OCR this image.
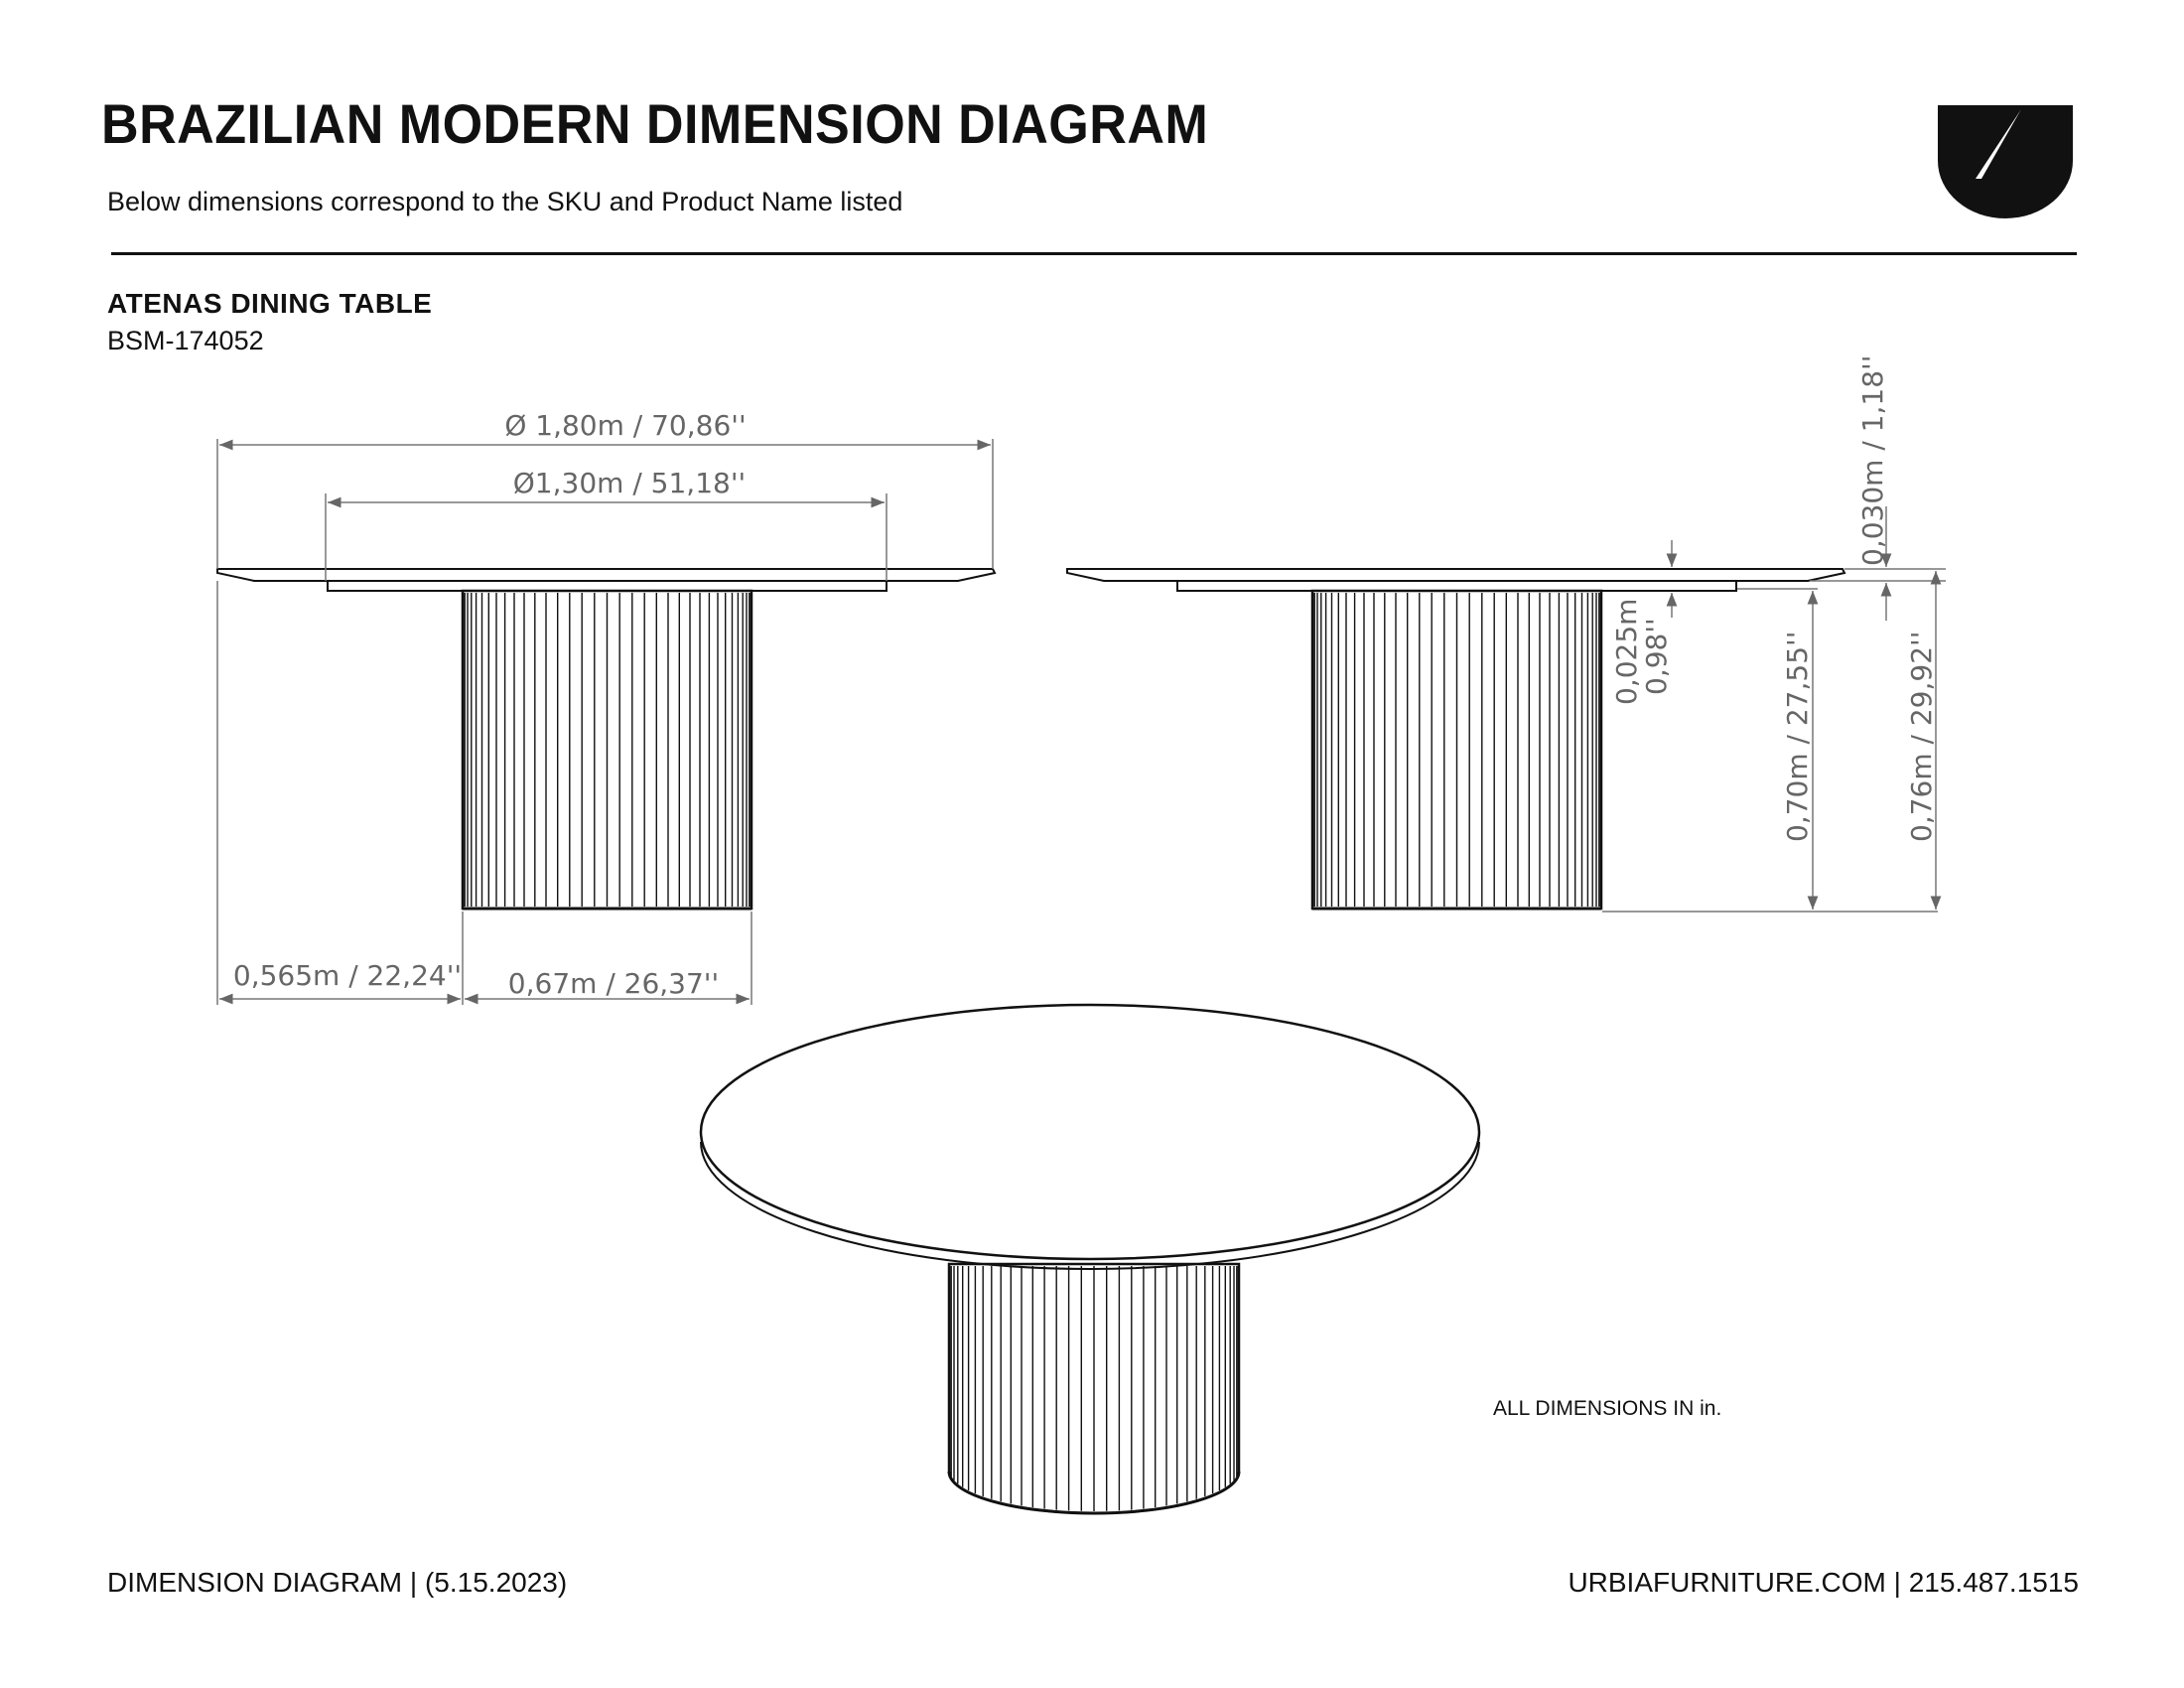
BRAZILIAN MODERN DIMENSION DIAGRAM
Below dimensions correspond to the SKU and Product Name listed
ATENAS DINING TABLE
BSM-174052
Ø 1,80m / 70,86''
Ø1,30m / 51,18''
0,565m / 22,24'' 0,67m / 26,37''
0,030m / 1,18''
0,025m
0,98''	0,70m / 27,55''	0,76m / 29,92''
ALL DIMENSIONS IN in.
DIMENSION DIAGRAM | (5.15.2023)	URBIAFURNITURE.COM | 215.487.1515
